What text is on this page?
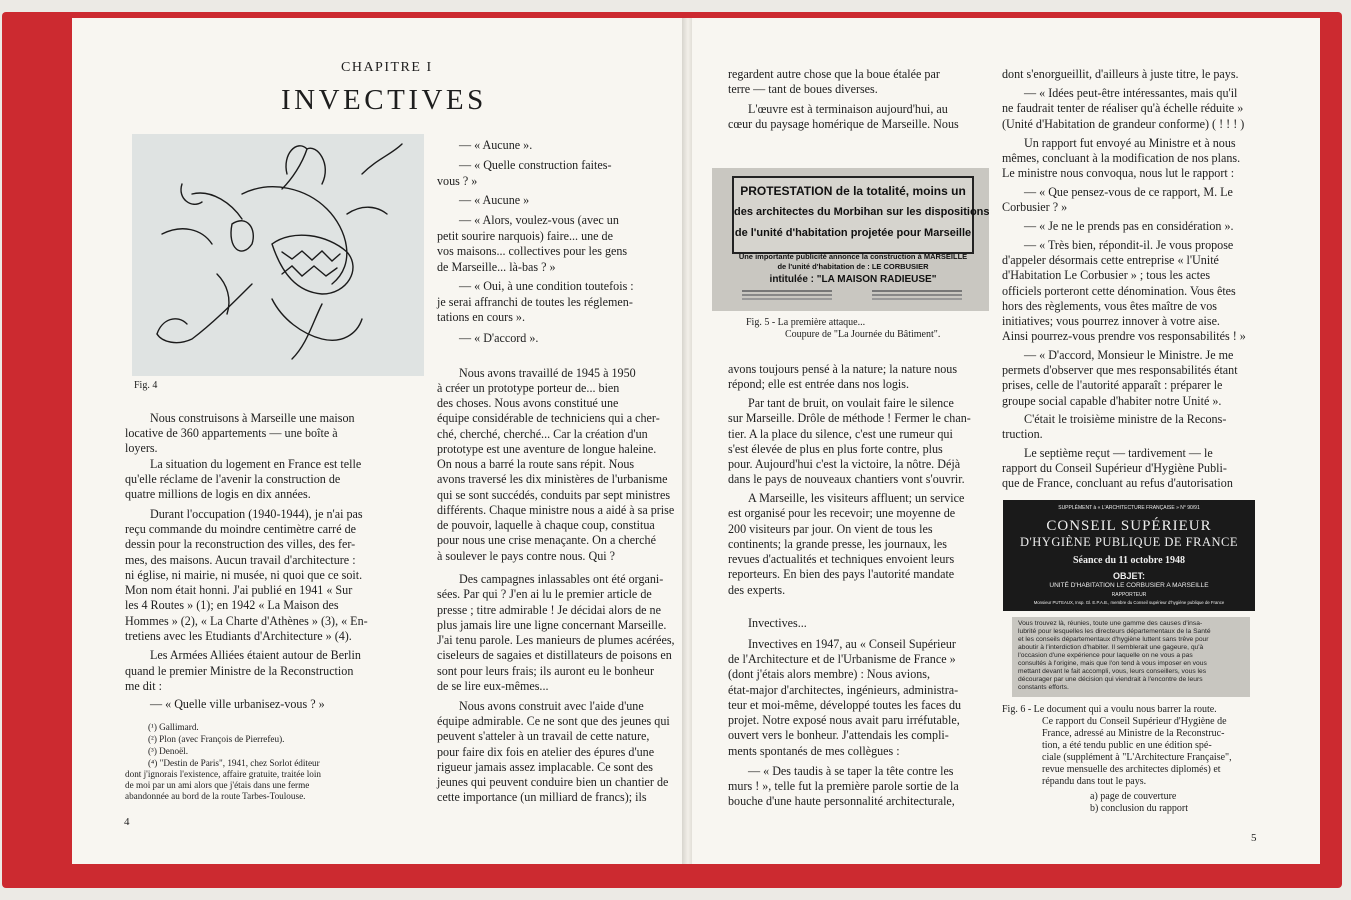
CHAPITRE I
INVECTIVES
Fig. 4
Nous construisons à Marseille une maison
locative de 360 appartements — une boîte à
loyers.
La situation du logement en France est telle
qu'elle réclame de l'avenir la construction de
quatre millions de logis en dix années.
Durant l'occupation (1940-1944), je n'ai pas
reçu commande du moindre centimètre carré de
dessin pour la reconstruction des villes, des fer-
mes, des maisons. Aucun travail d'architecture :
ni église, ni mairie, ni musée, ni quoi que ce soit.
Mon nom était honni. J'ai publié en 1941 « Sur
les 4 Routes » (1); en 1942 « La Maison des
Hommes » (2), « La Charte d'Athènes » (3), « En-
tretiens avec les Etudiants d'Architecture » (4).
Les Armées Alliées étaient autour de Berlin
quand le premier Ministre de la Reconstruction
me dit :
— « Quelle ville urbanisez-vous ? »
(¹) Gallimard.
(²) Plon (avec François de Pierrefeu).
(³) Denoël.
(⁴) "Destin de Paris", 1941, chez Sorlot éditeur
dont j'ignorais l'existence, affaire gratuite, traitée loin
de moi par un ami alors que j'étais dans une ferme
abandonnée au bord de la route Tarbes-Toulouse.
4
— « Aucune ».
— « Quelle construction faites-
vous ? »
— « Aucune »
— « Alors, voulez-vous (avec un
petit sourire narquois) faire... une de
vos maisons... collectives pour les gens
de Marseille... là-bas ? »
— « Oui, à une condition toutefois :
je serai affranchi de toutes les réglemen-
tations en cours ».
— « D'accord ».
Nous avons travaillé de 1945 à 1950
à créer un prototype porteur de... bien
des choses. Nous avons constitué une
équipe considérable de techniciens qui a cher-
ché, cherché, cherché... Car la création d'un
prototype est une aventure de longue haleine.
On nous a barré la route sans répit. Nous
avons traversé les dix ministères de l'urbanisme
qui se sont succédés, conduits par sept ministres
différents. Chaque ministre nous a aidé à sa prise
de pouvoir, laquelle à chaque coup, constitua
pour nous une crise menaçante. On a cherché
à soulever le pays contre nous. Qui ?
Des campagnes inlassables ont été organi-
sées. Par qui ? J'en ai lu le premier article de
presse ; titre admirable ! Je décidai alors de ne
plus jamais lire une ligne concernant Marseille.
J'ai tenu parole. Les manieurs de plumes acérées,
ciseleurs de sagaies et distillateurs de poisons en
sont pour leurs frais; ils auront eu le bonheur
de se lire eux-mêmes...
Nous avons construit avec l'aide d'une
équipe admirable. Ce ne sont que des jeunes qui
peuvent s'atteler à un travail de cette nature,
pour faire dix fois en atelier des épures d'une
rigueur jamais assez implacable. Ce sont des
jeunes qui peuvent conduire bien un chantier de
cette importance (un milliard de francs); ils
regardent autre chose que la boue étalée par
terre — tant de boues diverses.
L'œuvre est à terminaison aujourd'hui, au
cœur du paysage homérique de Marseille. Nous
PROTESTATION de la totalité, moins un
des architectes du Morbihan sur les dispositions
de l'unité d'habitation projetée pour Marseille
Une importante publicité annonce la construction à MARSEILLE
de l'unité d'habitation de : LE CORBUSIER
intitulée : "LA MAISON RADIEUSE"
Fig. 5 - La première attaque...
Coupure de "La Journée du Bâtiment".
avons toujours pensé à la nature; la nature nous
répond; elle est entrée dans nos logis.
Par tant de bruit, on voulait faire le silence
sur Marseille. Drôle de méthode ! Fermer le chan-
tier. A la place du silence, c'est une rumeur qui
s'est élevée de plus en plus forte contre, plus
pour. Aujourd'hui c'est la victoire, la nôtre. Déjà
dans le pays de nouveaux chantiers vont s'ouvrir.
A Marseille, les visiteurs affluent; un service
est organisé pour les recevoir; une moyenne de
200 visiteurs par jour. On vient de tous les
continents; la grande presse, les journaux, les
revues d'actualités et techniques envoient leurs
reporteurs. En bien des pays l'autorité mandate
des experts.
Invectives...
Invectives en 1947, au « Conseil Supérieur
de l'Architecture et de l'Urbanisme de France »
(dont j'étais alors membre) : Nous avions,
état-major d'architectes, ingénieurs, administra-
teur et moi-même, développé toutes les faces du
projet. Notre exposé nous avait paru irréfutable,
ouvert vers le bonheur. J'attendais les compli-
ments spontanés de mes collègues :
— « Des taudis à se taper la tête contre les
murs ! », telle fut la première parole sortie de la
bouche d'une haute personnalité architecturale,
dont s'enorgueillit, d'ailleurs à juste titre, le pays.
— « Idées peut-être intéressantes, mais qu'il
ne faudrait tenter de réaliser qu'à échelle réduite »
(Unité d'Habitation de grandeur conforme) ( ! ! ! )
Un rapport fut envoyé au Ministre et à nous
mêmes, concluant à la modification de nos plans.
Le ministre nous convoqua, nous lut le rapport :
— « Que pensez-vous de ce rapport, M. Le
Corbusier ? »
— « Je ne le prends pas en considération ».
— « Très bien, répondit-il. Je vous propose
d'appeler désormais cette entreprise « l'Unité
d'Habitation Le Corbusier » ; tous les actes
officiels porteront cette dénomination. Vous êtes
hors des règlements, vous êtes maître de vos
initiatives; vous pourrez innover à votre aise.
Ainsi pourrez-vous prendre vos responsabilités ! »
— « D'accord, Monsieur le Ministre. Je me
permets d'observer que mes responsabilités étant
prises, celle de l'autorité apparaît : préparer le
groupe social capable d'habiter notre Unité ».
C'était le troisième ministre de la Recons-
truction.
Le septième reçut — tardivement — le
rapport du Conseil Supérieur d'Hygiène Publi-
que de France, concluant au refus d'autorisation
SUPPLÉMENT à « L'ARCHITECTURE FRANÇAISE » N° 90/91
CONSEIL SUPÉRIEUR
D'HYGIÈNE PUBLIQUE DE FRANCE
Séance du 11 octobre 1948
OBJET:
UNITÉ D'HABITATION LE CORBUSIER A MARSEILLE
RAPPORTEUR
Monsieur PUTEAUX, Insp. Gl. E.P.A.B., membre du Conseil supérieur d'hygiène publique de France
Vous trouvez là, réunies, toute une gamme des causes d'insa-
lubrité pour lesquelles les directeurs départementaux de la Santé
et les conseils départementaux d'hygiène luttent sans trêve pour
aboutir à l'interdiction d'habiter. Il semblerait une gageure, qu'à
l'occasion d'une expérience pour laquelle on ne vous a pas
consultés à l'origine, mais que l'on tend à vous imposer en vous
mettant devant le fait accompli, vous, leurs conseillers, vous les
décourager par une décision qui viendrait à l'encontre de leurs
constants efforts.
Fig. 6 - Le document qui a voulu nous barrer la route.
Ce rapport du Conseil Supérieur d'Hygiène de
France, adressé au Ministre de la Reconstruc-
tion, a été tendu public en une édition spé-
ciale (supplément à "L'Architecture Française",
revue mensuelle des architectes diplomés) et
répandu dans tout le pays.
a) page de couverture
b) conclusion du rapport
5
